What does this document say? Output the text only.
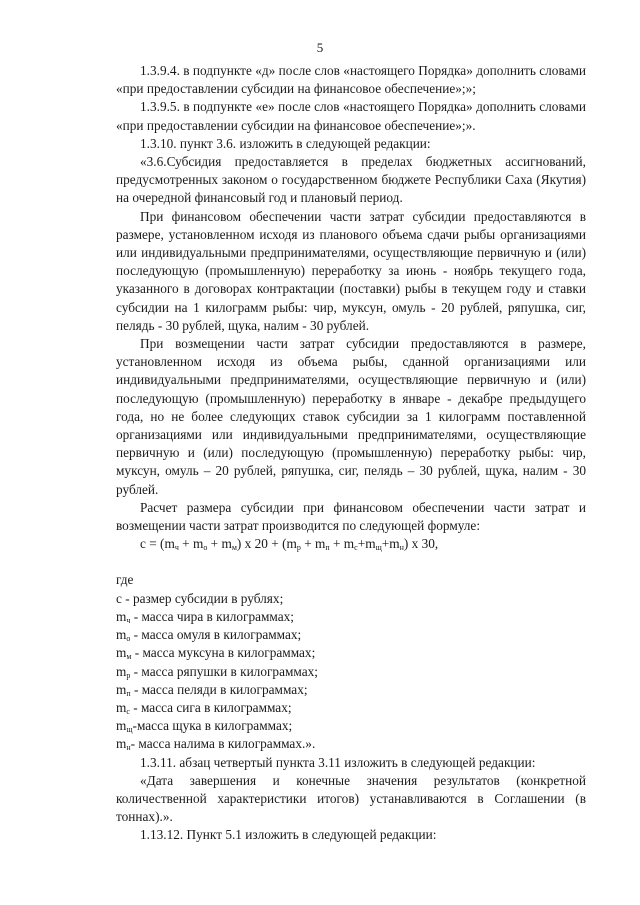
5

1.3.9.4. в подпункте «д» после слов «настоящего Порядка» дополнить словами «при предоставлении субсидии на финансовое обеспечение»;»;

1.3.9.5. в подпункте «е» после слов «настоящего Порядка» дополнить словами «при предоставлении субсидии на финансовое обеспечение»;».

1.3.10. пункт 3.6. изложить в следующей редакции:

«3.6.Субсидия предоставляется в пределах бюджетных ассигнований, предусмотренных законом о государственном бюджете Республики Саха (Якутия) на очередной финансовый год и плановый период.

При финансовом обеспечении части затрат субсидии предоставляются в размере, установленном исходя из планового объема сдачи рыбы организациями или индивидуальными предпринимателями, осуществляющие первичную и (или) последующую (промышленную) переработку за июнь - ноябрь текущего года, указанного в договорах контрактации (поставки) рыбы в текущем году и ставки субсидии на 1 килограмм рыбы: чир, муксун, омуль - 20 рублей, ряпушка, сиг, пелядь - 30 рублей, щука, налим - 30 рублей.

При возмещении части затрат субсидии предоставляются в размере, установленном исходя из объема рыбы, сданной организациями или индивидуальными предпринимателями, осуществляющие первичную и (или) последующую (промышленную) переработку в январе - декабре предыдущего года, но не более следующих ставок субсидии за 1 килограмм поставленной организациями или индивидуальными предпринимателями, осуществляющие первичную и (или) последующую (промышленную) переработку рыбы: чир, муксун, омуль – 20 рублей, ряпушка, сиг, пелядь – 30 рублей, щука, налим - 30 рублей.

Расчет размера субсидии при финансовом обеспечении части затрат и возмещении части затрат производится по следующей формуле:

$c = (m_ч + m_о + m_м)$ х $20 + (m_р + m_п + m_с+m_щ+m_н)$ х 30,
где
c - размер субсидии в рублях;
$m_ч$ - масса чира в килограммах;
$m_о$ - масса омуля в килограммах;
$m_м$ - масса муксуна в килограммах;
$m_р$ - масса ряпушки в килограммах;
$m_п$ - масса пеляди в килограммах;
$m_с$ - масса сига в килограммах;
$m_щ$-масса щука в килограммах;
$m_н-$ масса налима в килограммах.».

1.3.11. абзац четвертый пункта 3.11 изложить в следующей редакции:

«Дата завершения и конечные значения результатов (конкретной количественной характеристики итогов) устанавливаются в Соглашении (в тоннах).».

1.13.12. Пункт 5.1 изложить в следующей редакции:
